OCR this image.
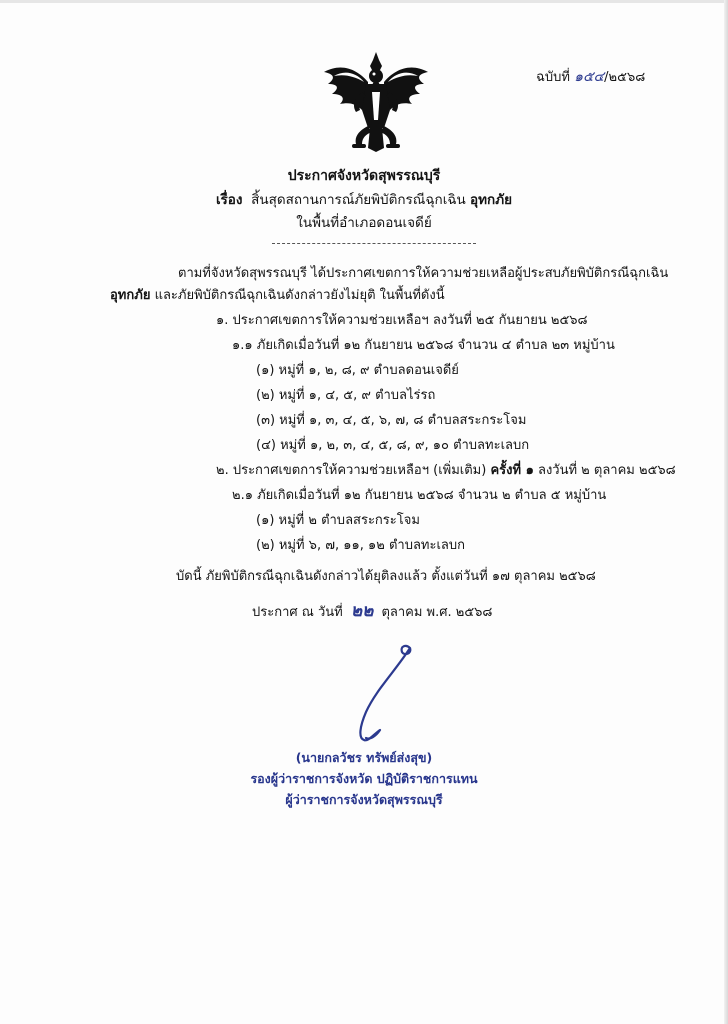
ฉบับที่ ๑๕๔/๒๕๖๘
ประกาศจังหวัดสุพรรณบุรี
เรื่อง สิ้นสุดสถานการณ์ภัยพิบัติกรณีฉุกเฉิน อุทกภัย
ในพื้นที่อำเภอดอนเจดีย์
ตามที่จังหวัดสุพรรณบุรี ได้ประกาศเขตการให้ความช่วยเหลือผู้ประสบภัยพิบัติกรณีฉุกเฉิน
อุทกภัย และภัยพิบัติกรณีฉุกเฉินดังกล่าวยังไม่ยุติ ในพื้นที่ดังนี้
๑. ประกาศเขตการให้ความช่วยเหลือฯ ลงวันที่ ๒๕ กันยายน ๒๕๖๘
๑.๑ ภัยเกิดเมื่อวันที่ ๑๒ กันยายน ๒๕๖๘ จำนวน ๔ ตำบล ๒๓ หมู่บ้าน
(๑) หมู่ที่ ๑, ๒, ๘, ๙ ตำบลดอนเจดีย์
(๒) หมู่ที่ ๑, ๔, ๕, ๙ ตำบลไร่รถ
(๓) หมู่ที่ ๑, ๓, ๔, ๕, ๖, ๗, ๘ ตำบลสระกระโจม
(๔) หมู่ที่ ๑, ๒, ๓, ๔, ๕, ๘, ๙, ๑๐ ตำบลทะเลบก
๒. ประกาศเขตการให้ความช่วยเหลือฯ (เพิ่มเติม) ครั้งที่ ๑ ลงวันที่ ๒ ตุลาคม ๒๕๖๘
๒.๑ ภัยเกิดเมื่อวันที่ ๑๒ กันยายน ๒๕๖๘ จำนวน ๒ ตำบล ๕ หมู่บ้าน
(๑) หมู่ที่ ๒ ตำบลสระกระโจม
(๒) หมู่ที่ ๖, ๗, ๑๑, ๑๒ ตำบลทะเลบก
บัดนี้ ภัยพิบัติกรณีฉุกเฉินดังกล่าวได้ยุติลงแล้ว ตั้งแต่วันที่ ๑๗ ตุลาคม ๒๕๖๘
ประกาศ ณ วันที่ ๒๒ ตุลาคม พ.ศ. ๒๕๖๘
(นายกลวัชร ทรัพย์ส่งสุข)
รองผู้ว่าราชการจังหวัด ปฏิบัติราชการแทน
ผู้ว่าราชการจังหวัดสุพรรณบุรี
